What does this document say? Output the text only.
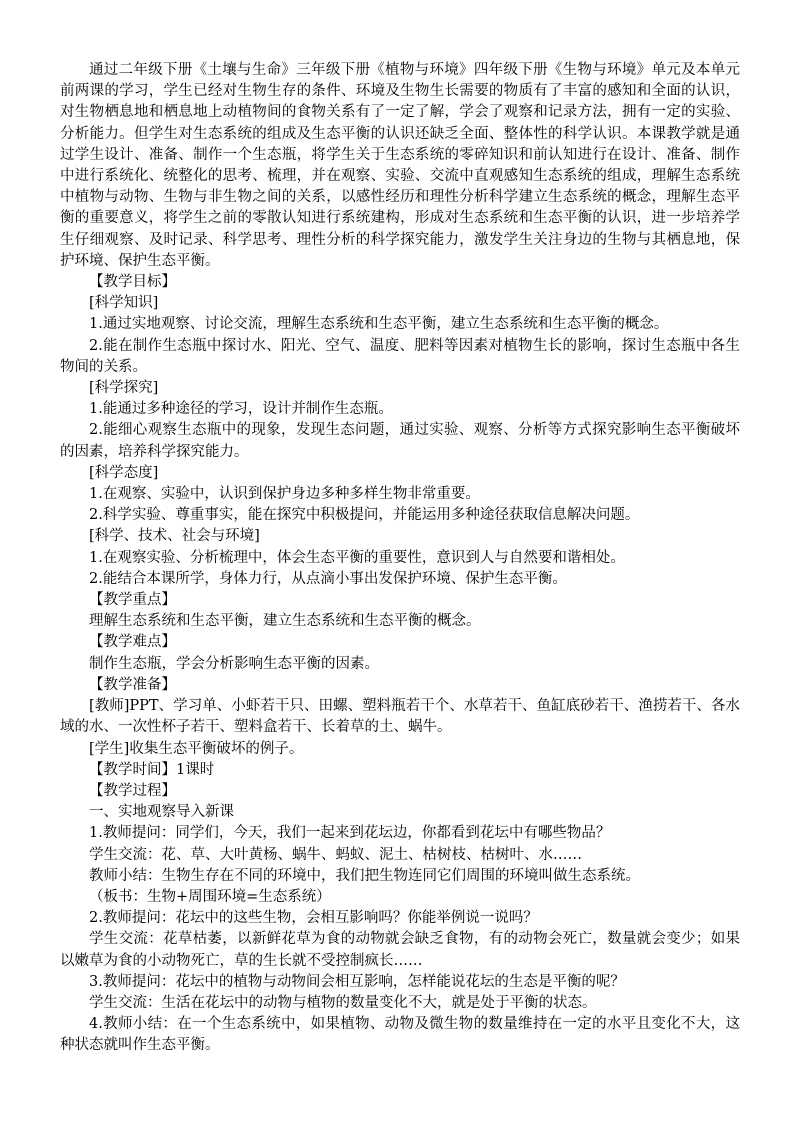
通过二年级下册《土壤与生命》三年级下册《植物与环境》四年级下册《生物与环境》单元及本单元前两课的学习，学生已经对生物生存的条件、环境及生物生长需要的物质有了丰富的感知和全面的认识，对生物栖息地和栖息地上动植物间的食物关系有了一定了解，学会了观察和记录方法，拥有一定的实验、分析能力。但学生对生态系统的组成及生态平衡的认识还缺乏全面、整体性的科学认识。本课教学就是通过学生设计、准备、制作一个生态瓶，将学生关于生态系统的零碎知识和前认知进行在设计、准备、制作中进行系统化、统整化的思考、梳理，并在观察、实验、交流中直观感知生态系统的组成，理解生态系统中植物与动物、生物与非生物之间的关系，以感性经历和理性分析科学建立生态系统的概念，理解生态平衡的重要意义，将学生之前的零散认知进行系统建构，形成对生态系统和生态平衡的认识，进一步培养学生仔细观察、及时记录、科学思考、理性分析的科学探究能力，激发学生关注身边的生物与其栖息地，保护环境、保护生态平衡。

【教学目标】

[科学知识]

1.通过实地观察、讨论交流，理解生态系统和生态平衡，建立生态系统和生态平衡的概念。

2.能在制作生态瓶中探讨水、阳光、空气、温度、肥料等因素对植物生长的影响，探讨生态瓶中各生物间的关系。

[科学探究]

1.能通过多种途径的学习，设计并制作生态瓶。

2.能细心观察生态瓶中的现象，发现生态问题，通过实验、观察、分析等方式探究影响生态平衡破坏的因素，培养科学探究能力。

[科学态度]

1.在观察、实验中，认识到保护身边多种多样生物非常重要。

2.科学实验、尊重事实，能在探究中积极提问，并能运用多种途径获取信息解决问题。

[科学、技术、社会与环境]

1.在观察实验、分析梳理中，体会生态平衡的重要性，意识到人与自然要和谐相处。

2.能结合本课所学，身体力行，从点滴小事出发保护环境、保护生态平衡。

【教学重点】

理解生态系统和生态平衡，建立生态系统和生态平衡的概念。

【教学难点】

制作生态瓶，学会分析影响生态平衡的因素。

【教学准备】

[教师]PPT、学习单、小虾若干只、田螺、塑料瓶若干个、水草若干、鱼缸底砂若干、渔捞若干、各水域的水、一次性杯子若干、塑料盒若干、长着草的土、蜗牛。

[学生]收集生态平衡破坏的例子。

【教学时间】1课时

【教学过程】

一、实地观察导入新课

1.教师提问：同学们，今天，我们一起来到花坛边，你都看到花坛中有哪些物品？

学生交流：花、草、大叶黄杨、蜗牛、蚂蚁、泥土、枯树枝、枯树叶、水……

教师小结：生物生存在不同的环境中，我们把生物连同它们周围的环境叫做生态系统。

（板书：生物+周围环境=生态系统）

2.教师提问：花坛中的这些生物，会相互影响吗？你能举例说一说吗？

学生交流：花草枯萎，以新鲜花草为食的动物就会缺乏食物，有的动物会死亡，数量就会变少；如果以嫩草为食的小动物死亡，草的生长就不受控制疯长……

3.教师提问：花坛中的植物与动物间会相互影响，怎样能说花坛的生态是平衡的呢？

学生交流：生活在花坛中的动物与植物的数量变化不大，就是处于平衡的状态。

4.教师小结：在一个生态系统中，如果植物、动物及微生物的数量维持在一定的水平且变化不大，这种状态就叫作生态平衡。
